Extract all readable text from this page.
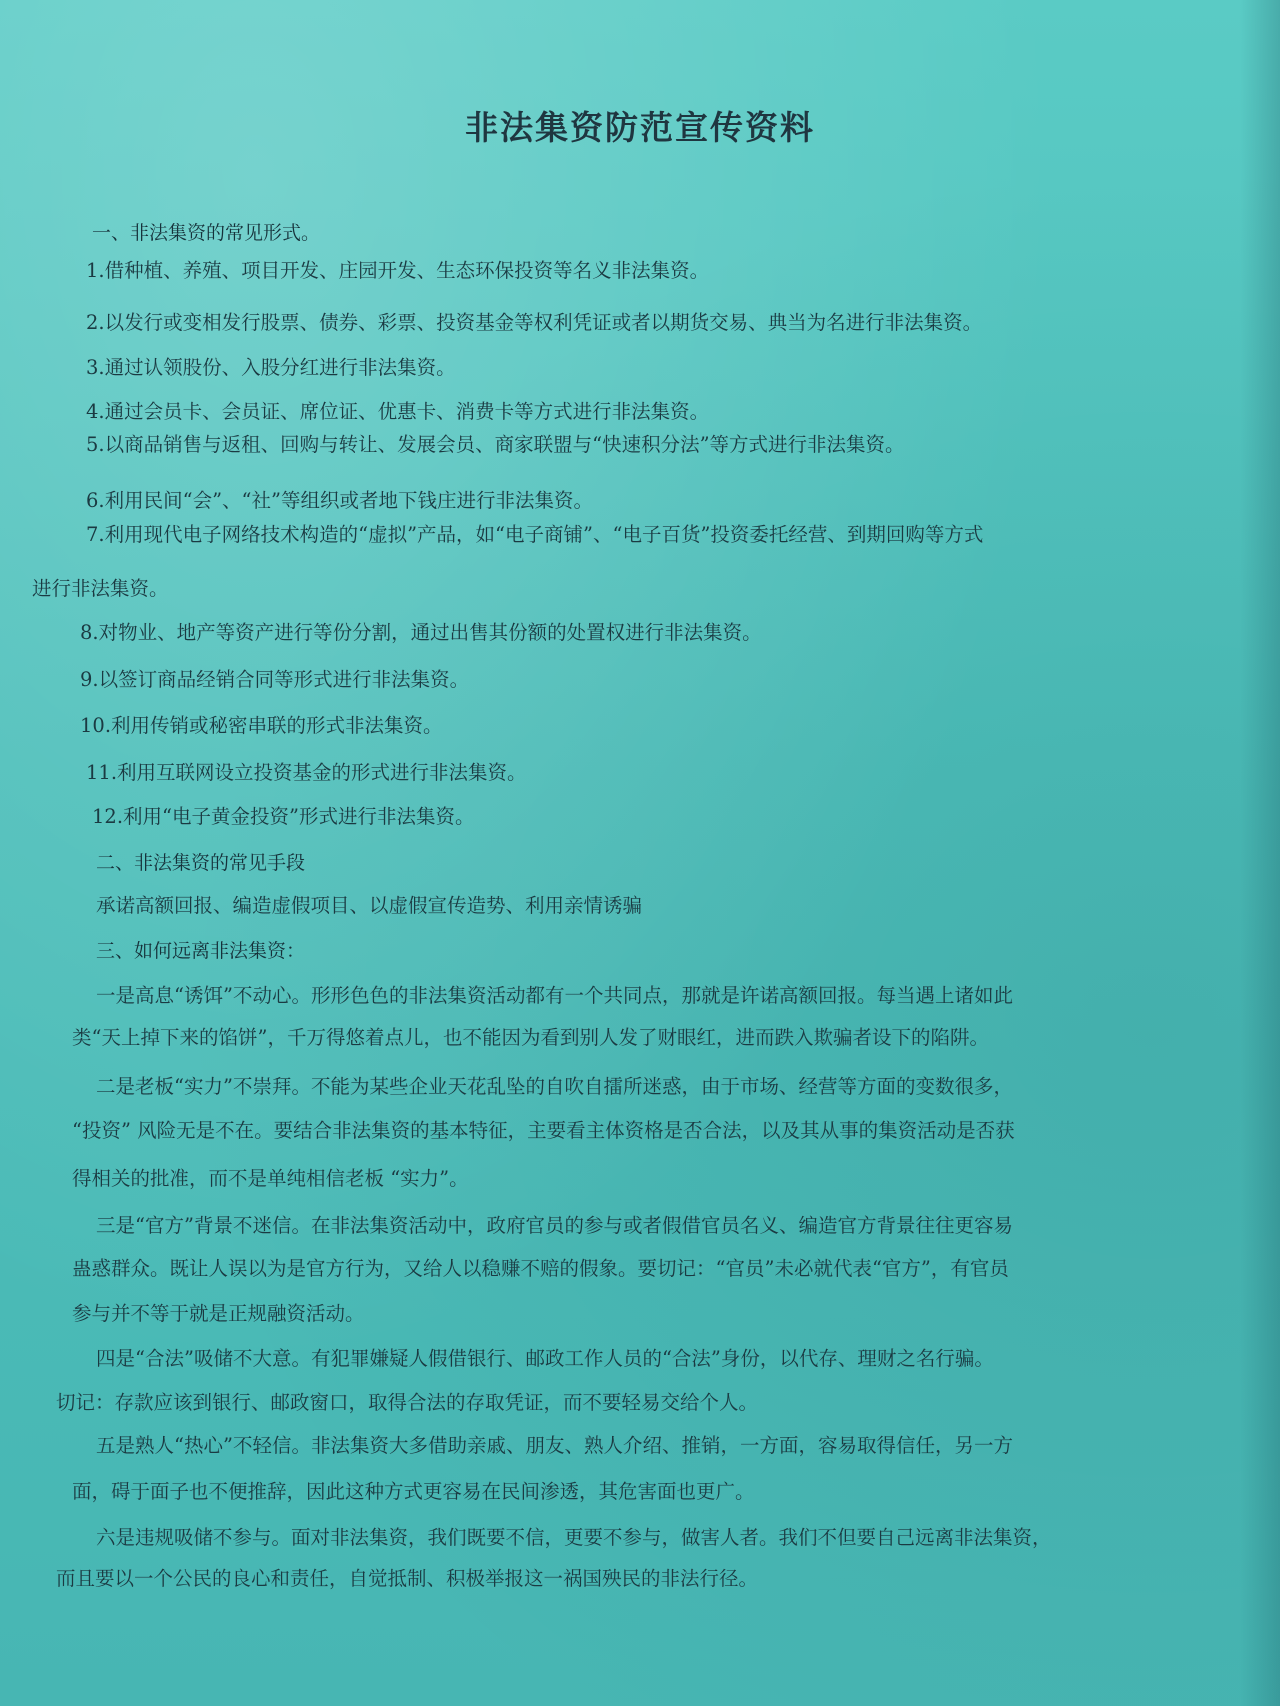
非法集资防范宣传资料
一、非法集资的常见形式。
1.借种植、养殖、项目开发、庄园开发、生态环保投资等名义非法集资。
2.以发行或变相发行股票、债券、彩票、投资基金等权利凭证或者以期货交易、典当为名进行非法集资。
3.通过认领股份、入股分红进行非法集资。
4.通过会员卡、会员证、席位证、优惠卡、消费卡等方式进行非法集资。
5.以商品销售与返租、回购与转让、发展会员、商家联盟与“快速积分法”等方式进行非法集资。
6.利用民间“会”、“社”等组织或者地下钱庄进行非法集资。
7.利用现代电子网络技术构造的“虚拟”产品，如“电子商铺”、“电子百货”投资委托经营、到期回购等方式
进行非法集资。
8.对物业、地产等资产进行等份分割，通过出售其份额的处置权进行非法集资。
9.以签订商品经销合同等形式进行非法集资。
10.利用传销或秘密串联的形式非法集资。
11.利用互联网设立投资基金的形式进行非法集资。
12.利用“电子黄金投资”形式进行非法集资。
二、非法集资的常见手段
承诺高额回报、编造虚假项目、以虚假宣传造势、利用亲情诱骗
三、如何远离非法集资：
一是高息“诱饵”不动心。形形色色的非法集资活动都有一个共同点，那就是许诺高额回报。每当遇上诸如此
类“天上掉下来的馅饼”，千万得悠着点儿，也不能因为看到别人发了财眼红，进而跌入欺骗者设下的陷阱。
二是老板“实力”不崇拜。不能为某些企业天花乱坠的自吹自擂所迷惑，由于市场、经营等方面的变数很多，
“投资” 风险无是不在。要结合非法集资的基本特征，主要看主体资格是否合法，以及其从事的集资活动是否获
得相关的批准，而不是单纯相信老板 “实力”。
三是“官方”背景不迷信。在非法集资活动中，政府官员的参与或者假借官员名义、编造官方背景往往更容易
蛊惑群众。既让人误以为是官方行为，又给人以稳赚不赔的假象。要切记：“官员”未必就代表“官方”，有官员
参与并不等于就是正规融资活动。
四是“合法”吸储不大意。有犯罪嫌疑人假借银行、邮政工作人员的“合法”身份，以代存、理财之名行骗。
切记：存款应该到银行、邮政窗口，取得合法的存取凭证，而不要轻易交给个人。
五是熟人“热心”不轻信。非法集资大多借助亲戚、朋友、熟人介绍、推销，一方面，容易取得信任，另一方
面，碍于面子也不便推辞，因此这种方式更容易在民间渗透，其危害面也更广。
六是违规吸储不参与。面对非法集资，我们既要不信，更要不参与，做害人者。我们不但要自己远离非法集资，
而且要以一个公民的良心和责任，自觉抵制、积极举报这一祸国殃民的非法行径。
